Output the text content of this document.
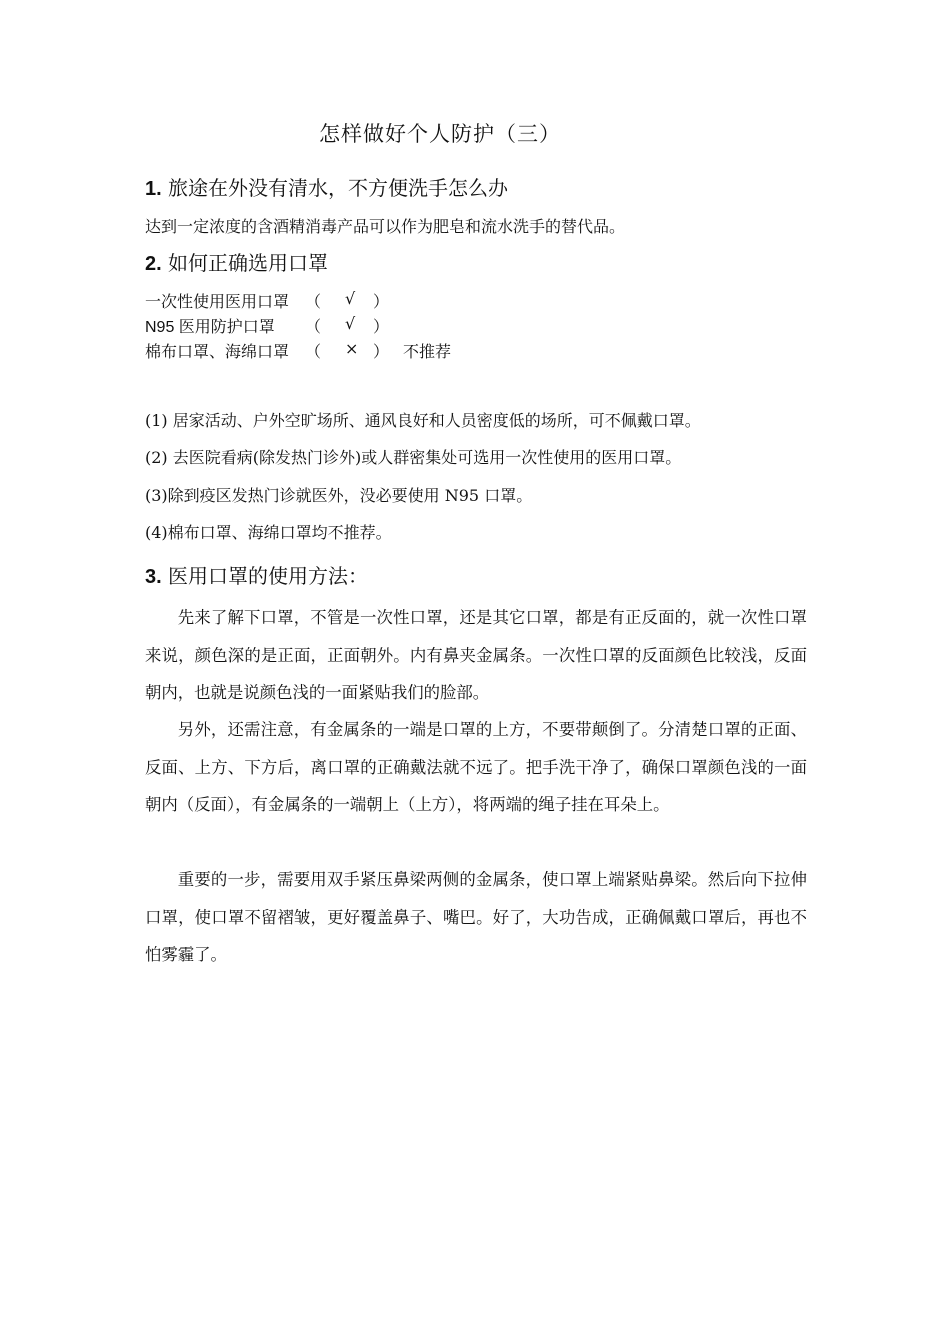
怎样做好个人防护（三）
1. 旅途在外没有清水，不方便洗手怎么办
达到一定浓度的含酒精消毒产品可以作为肥皂和流水洗手的替代品。
2. 如何正确选用口罩
一次性使用医用口罩 （ √ ）
N95 医用防护口罩 （ √ ）
棉布口罩、海绵口罩 （ × ） 不推荐
(1) 居家活动、户外空旷场所、通风良好和人员密度低的场所，可不佩戴口罩。
(2) 去医院看病(除发热门诊外)或人群密集处可选用一次性使用的医用口罩。
(3)除到疫区发热门诊就医外，没必要使用 N95 口罩。
(4)棉布口罩、海绵口罩均不推荐。
3. 医用口罩的使用方法：

先来了解下口罩，不管是一次性口罩，还是其它口罩，都是有正反面的，就一次性口罩来说，颜色深的是正面，正面朝外。内有鼻夹金属条。一次性口罩的反面颜色比较浅，反面朝内，也就是说颜色浅的一面紧贴我们的脸部。

另外，还需注意，有金属条的一端是口罩的上方，不要带颠倒了。分清楚口罩的正面、反面、上方、下方后，离口罩的正确戴法就不远了。把手洗干净了，确保口罩颜色浅的一面朝内（反面），有金属条的一端朝上（上方），将两端的绳子挂在耳朵上。

重要的一步，需要用双手紧压鼻梁两侧的金属条，使口罩上端紧贴鼻梁。然后向下拉伸口罩，使口罩不留褶皱，更好覆盖鼻子、嘴巴。好了，大功告成，正确佩戴口罩后，再也不怕雾霾了。
